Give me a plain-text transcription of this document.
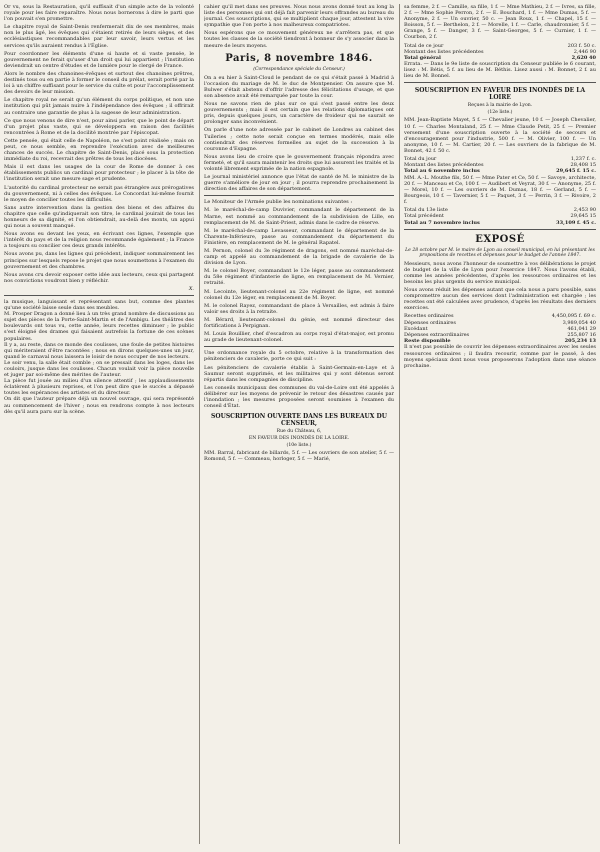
Or vu, sous la Restauration, qu'il suffisait d'un simple acte de la volonté royale pour les faire reparaître. Nous nous bornerons à dire le parti que l'on pouvait s'en promettre.

Le chapitre royal de Saint-Denis renfermerait dix de ses membres, mais non le plus âgé, les évêques qui s'étaient retirés de leurs sièges, et des ecclésiastiques recommandables par leur savoir, leurs vertus et les services qu'ils auraient rendus à l'Église.

Pour coordonner les éléments d'une si haute et si vaste pensée, le gouvernement ne ferait qu'user d'un droit qui lui appartient ; l'institution deviendrait un centre d'études et de lumière pour le clergé de France.

Alors le nombre des chanoines-évêques et surtout des chanoines prêtres, destinés tous ou en partie à former le conseil du prélat, serait porté par la loi à un chiffre suffisant pour le service du culte et pour l'accomplissement des devoirs de leur mission.

Le chapitre royal ne serait qu'un élément du corps politique, et non une institution qui pût jamais nuire à l'indépendance des évêques ; il offrirait au contraire une garantie de plus à la sagesse de leur administration.

Ce que nous venons de dire n'est, pour ainsi parler, que le point de départ d'un projet plus vaste, qui se développera en raison des facilités rencontrées à Rome et de la docilité montrée par l'épiscopat.

Cette pensée, qui était celle de Napoléon, ne s'est point réalisée ; mais on peut, ce nous semble, en reprendre l'exécution avec de meilleures chances de succès. Le chapitre de Saint-Denis, placé sous la protection immédiate du roi, recevrait des prêtres de tous les diocèses.

Mais il est dans les usages de la cour de Rome de donner à ces établissements publics un cardinal pour protecteur ; le placer à la tête de l'institution serait une mesure sage et prudente.

L'autorité du cardinal protecteur ne serait pas étrangère aux prérogatives du gouvernement, ni à celles des évêques. Le Concordat lui-même fournit le moyen de concilier toutes les difficultés.

Sans autre intervention dans la gestion des biens et des affaires du chapitre que celle qu'indiquerait son titre, le cardinal jouirait de tous les honneurs de sa dignité, et l'on obtiendrait, au-delà des monts, un appui qui nous a souvent manqué.

Nous avons eu devant les yeux, en écrivant ces lignes, l'exemple que l'intérêt du pays et de la religion nous recommande également ; la France a toujours su concilier ces deux grands intérêts.

Nous avons pu, dans les lignes qui précèdent, indiquer sommairement les principes sur lesquels repose le projet que nous soumettons à l'examen du gouvernement et des chambres.

Nous avons cru devoir exposer cette idée aux lecteurs, ceux qui partagent nos convictions voudront bien y réfléchir.

X.

la musique, languissant et représentant sans but, comme des plantes qu'une société laisse seule dans ses meubles.

M. Prosper Dragon a donné lieu à un très grand nombre de discussions au sujet des pièces de la Porte-Saint-Martin et de l'Ambigu. Les théâtres des boulevards ont tous vu, cette année, leurs recettes diminuer ; le public s'est éloigné des drames qui faisaient autrefois la fortune de ces scènes populaires.

Il y a, au reste, dans ce monde des coulisses, une foule de petites histoires qui mériteraient d'être racontées ; nous en dirons quelques-unes un jour, quand le carnaval nous laissera le loisir de nous occuper de nos lecteurs.

Le soir venu, la salle était comble ; on se pressait dans les loges, dans les couloirs, jusque dans les coulisses. Chacun voulait voir la pièce nouvelle et juger par soi-même des mérites de l'auteur.

La pièce fut jouée au milieu d'un silence attentif ; les applaudissements éclatèrent à plusieurs reprises, et l'on peut dire que le succès a dépassé toutes les espérances des artistes et du directeur.

On dit que l'auteur prépare déjà un nouvel ouvrage, qui sera représenté au commencement de l'hiver ; nous en rendrons compte à nos lecteurs dès qu'il aura paru sur la scène.

cahier qu'il met dans ses preuves. Nous nous avons donné tout au long la liste des personnes qui ont déjà fait parvenir leurs offrandes au bureau du journal. Ces souscriptions, qui se multiplient chaque jour, attestent la vive sympathie que l'on porte à nos malheureux compatriotes.

Nous espérons que ce mouvement généreux ne s'arrêtera pas, et que toutes les classes de la société tiendront à honneur de s'y associer dans la mesure de leurs moyens.

Paris, 8 novembre 1846.
(Correspondance spéciale du Censeur.)

On a eu hier à Saint-Cloud le pendant de ce qui s'était passé à Madrid à l'occasion du mariage de M. le duc de Montpensier. On assure que M. Bulwer s'était abstenu d'offrir l'adresse des félicitations d'usage, et que son absence avait été remarquée par toute la cour.

Nous ne savons rien de plus sur ce qui s'est passé entre les deux gouvernements ; mais il est certain que les relations diplomatiques ont pris, depuis quelques jours, un caractère de froideur qui ne saurait se prolonger sans inconvénient.

On parle d'une note adressée par le cabinet de Londres au cabinet des Tuileries ; cette note serait conçue en termes modérés, mais elle contiendrait des réserves formelles au sujet de la succession à la couronne d'Espagne.

Nous avons lieu de croire que le gouvernement français répondra avec fermeté, et qu'il saura maintenir les droits que lui assurent les traités et la volonté librement exprimée de la nation espagnole.

Le journal ministériel annonce que l'état de santé de M. le ministre de la guerre s'améliore de jour en jour ; il pourra reprendre prochainement la direction des affaires de son département.

Le Moniteur de l'Armée publie les nominations suivantes :

M. le maréchal-de-camp Duvivier, commandant le département de la Marne, est nommé au commandement de la subdivision de Lille, en remplacement de M. de Saint-Priest, admis dans le cadre de réserve.

M. le maréchal-de-camp Levasseur, commandant le département de la Charente-Inférieure, passe au commandement du département du Finistère, en remplacement de M. le général Rapatel.

M. Pernon, colonel du 3e régiment de dragons, est nommé maréchal-de-camp et appelé au commandement de la brigade de cavalerie de la division de Lyon.

M. le colonel Boyer, commandant le 12e léger, passe au commandement du 58e régiment d'infanterie de ligne, en remplacement de M. Vernier, retraité.

M. Lecointe, lieutenant-colonel au 22e régiment de ligne, est nommé colonel du 12e léger, en remplacement de M. Boyer.

M. le colonel Rayez, commandant de place à Versailles, est admis à faire valoir ses droits à la retraite.

M. Bérard, lieutenant-colonel du génie, est nommé directeur des fortifications à Perpignan.

M. Louis Bouillier, chef d'escadron au corps royal d'état-major, est promu au grade de lieutenant-colonel.

Une ordonnance royale du 5 octobre, relative à la transformation des pénitenciers de cavalerie, porte ce qui suit :

Les pénitenciers de cavalerie établis à Saint-Germain-en-Laye et à Saumur seront supprimés, et les militaires qui y sont détenus seront répartis dans les compagnies de discipline.

Les conseils municipaux des communes du val-de-Loire ont été appelés à délibérer sur les moyens de prévenir le retour des désastres causés par l'inondation ; les mesures proposées seront soumises à l'examen du conseil d'État.

SOUSCRIPTION OUVERTE DANS LES BUREAUX DU CENSEUR,
Rue du Château, 6,
EN FAVEUR DES INONDÉS DE LA LOIRE.
(10e liste.)

MM. Barral, fabricant de billards, 5 f. — Les ouvriers de son atelier, 5 f. — Romond, 5 f. — Commeau, horloger, 5 f. — Marié,

sa femme, 2 f. — Camille, sa fille, 1 f. — Mme Mathieu, 2 f. — Ivres, sa fille, 2 f. — Mme Sophie Perron, 2 f. — E. Bouchard, 1 f. — Mme Dumas, 5 f. — Anonyme, 2 f. — Un ouvrier, 50 c. — Jean Roux, 1 f. — Chapel, 15 f. — Boisson, 5 f. — Berthelon, 2 f. — Morelle, 1 f. — Carle, chaudronnier, 5 f. — Grange, 5 f. — Danger, 3 f. — Saint-Georges, 5 f. — Curnier, 1 f. — Courbon, 2 f.

Total de ce jour	203 f. 50 c.
Montant des listes précédentes	2,446 90
Total général	2,620 40

Errata. — Dans le 9e liste de souscription du Censeur publiée le 6 courant, lisez : M. Bétis, 5 f. au lieu de M. Béthis. Lisez aussi : M. Bonnet, 2 f. au lieu de M. Bonnel.

SOUSCRIPTION EN FAVEUR DES INONDÉS DE LA LOIRE
Reçues à la mairie de Lyon.
(12e liste.)

MM. Jean-Baptiste Mayet, 5 f. — Chevalier jeune, 10 f. — Joseph Chevalier, 10 f. — Charles Montaland, 25 f. — Mme Claude Petit, 25 f. — Premier versement d'une souscription ouverte à la société de secours et d'encouragement pour l'industrie, 500 f. — M. Olivier, 100 f. — Un anonyme, 10 f. — M. Cartier, 20 f. — Les ouvriers de la fabrique de M. Bonnet, 42 f. 50 c.

Total du jour	1,237 f. c.
Montant des listes précédentes	28,408 15
Total au 6 novembre inclus	29,645 f. 15 c.

MM. A.-L. Mouthe fils, 50 f. — Mme Pater et Ce, 50 f. — Savoye, architecte, 20 f. — Manceau et Ce, 100 f. — Audibert et Veyrat, 30 f. — Anonyme, 25 f. — Morel, 10 f. — Les ouvriers de M. Dumas, 18 f. — Gerland, 5 f. — Bourgeois, 10 f. — Tavernier, 5 f. — Paquet, 3 f. — Perrin, 3 f. — Rivoire, 2 f.

Total du 13e liste	2,453 90
Total précédent	29,645 15
Total au 7 novembre inclus	33,109 f. 45 c.
EXPOSÉ
Le 28 octobre par M. le maire de Lyon au conseil municipal, en lui présentant les propositions de recettes et dépenses pour le budget de l'année 1847.

Messieurs, nous avons l'honneur de soumettre à vos délibérations le projet de budget de la ville de Lyon pour l'exercice 1847. Nous l'avons établi, comme les années précédentes, d'après les ressources ordinaires et les besoins les plus urgents du service municipal.

Nous avons réduit les dépenses autant que cela nous a paru possible, sans compromettre aucun des services dont l'administration est chargée ; les recettes ont été calculées avec prudence, d'après les résultats des derniers exercices.

Recettes ordinaires	4,450,095 f. 69 c.
Dépenses ordinaires	3,989,054 40
Excédant	461,041 29
Dépenses extraordinaires	255,807 16
Reste disponible	205,234 13

Il n'est pas possible de couvrir les dépenses extraordinaires avec les seules ressources ordinaires ; il faudra recourir, comme par le passé, à des moyens spéciaux dont nous vous proposerons l'adoption dans une séance prochaine.
